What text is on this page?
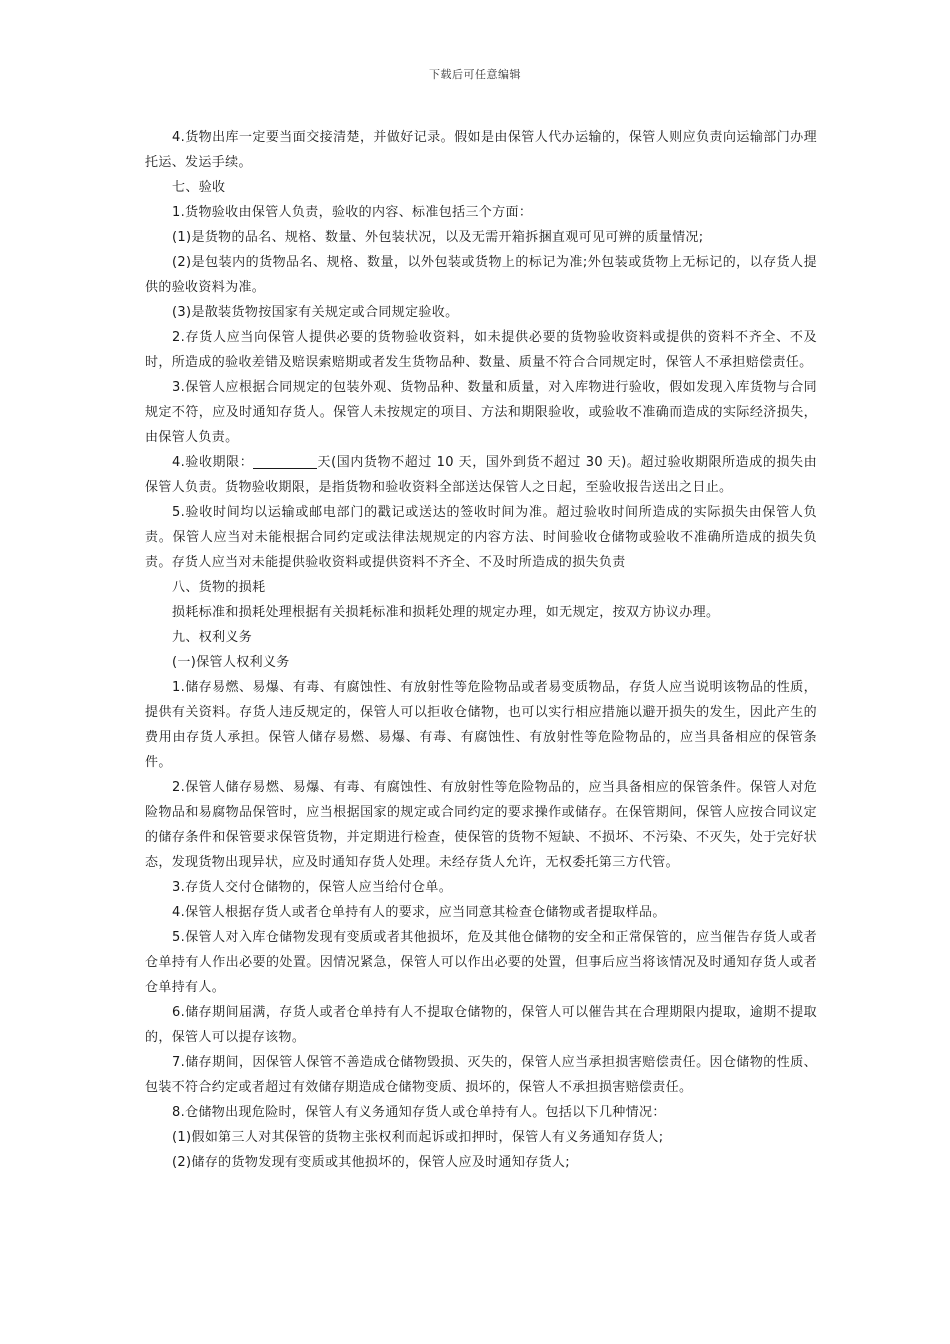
下载后可任意编辑

4.货物出库一定要当面交接清楚，并做好记录。假如是由保管人代办运输的，保管人则应负责向运输部门办理托运、发运手续。

七、验收

1.货物验收由保管人负责，验收的内容、标准包括三个方面：

(1)是货物的品名、规格、数量、外包装状况，以及无需开箱拆捆直观可见可辨的质量情况;

(2)是包装内的货物品名、规格、数量，以外包装或货物上的标记为准;外包装或货物上无标记的，以存货人提供的验收资料为准。

(3)是散装货物按国家有关规定或合同规定验收。

2.存货人应当向保管人提供必要的货物验收资料，如未提供必要的货物验收资料或提供的资料不齐全、不及时，所造成的验收差错及赔误索赔期或者发生货物品种、数量、质量不符合合同规定时，保管人不承担赔偿责任。

3.保管人应根据合同规定的包装外观、货物品种、数量和质量，对入库物进行验收，假如发现入库货物与合同规定不符，应及时通知存货人。保管人未按规定的项目、方法和期限验收，或验收不准确而造成的实际经济损失，由保管人负责。

4.验收期限：	天(国内货物不超过 10 天，国外到货不超过 30 天)。超过验收期限所造成的损失由保管人负责。货物验收期限，是指货物和验收资料全部送达保管人之日起，至验收报告送出之日止。

5.验收时间均以运输或邮电部门的戳记或送达的签收时间为准。超过验收时间所造成的实际损失由保管人负责。保管人应当对未能根据合同约定或法律法规规定的内容方法、时间验收仓储物或验收不准确所造成的损失负责。存货人应当对未能提供验收资料或提供资料不齐全、不及时所造成的损失负责

八、货物的损耗

损耗标准和损耗处理根据有关损耗标准和损耗处理的规定办理，如无规定，按双方协议办理。

九、权利义务

(一)保管人权利义务

1.储存易燃、易爆、有毒、有腐蚀性、有放射性等危险物品或者易变质物品，存货人应当说明该物品的性质，提供有关资料。存货人违反规定的，保管人可以拒收仓储物，也可以实行相应措施以避开损失的发生，因此产生的费用由存货人承担。保管人储存易燃、易爆、有毒、有腐蚀性、有放射性等危险物品的，应当具备相应的保管条件。

2.保管人储存易燃、易爆、有毒、有腐蚀性、有放射性等危险物品的，应当具备相应的保管条件。保管人对危险物品和易腐物品保管时，应当根据国家的规定或合同约定的要求操作或储存。在保管期间，保管人应按合同议定的储存条件和保管要求保管货物，并定期进行检查，使保管的货物不短缺、不损坏、不污染、不灭失，处于完好状态，发现货物出现异状，应及时通知存货人处理。未经存货人允许，无权委托第三方代管。

3.存货人交付仓储物的，保管人应当给付仓单。

4.保管人根据存货人或者仓单持有人的要求，应当同意其检查仓储物或者提取样品。

5.保管人对入库仓储物发现有变质或者其他损坏，危及其他仓储物的安全和正常保管的，应当催告存货人或者仓单持有人作出必要的处置。因情况紧急，保管人可以作出必要的处置，但事后应当将该情况及时通知存货人或者仓单持有人。

6.储存期间届满，存货人或者仓单持有人不提取仓储物的，保管人可以催告其在合理期限内提取，逾期不提取的，保管人可以提存该物。

7.储存期间，因保管人保管不善造成仓储物毁损、灭失的，保管人应当承担损害赔偿责任。因仓储物的性质、包装不符合约定或者超过有效储存期造成仓储物变质、损坏的，保管人不承担损害赔偿责任。

8.仓储物出现危险时，保管人有义务通知存货人或仓单持有人。包括以下几种情况：

(1)假如第三人对其保管的货物主张权利而起诉或扣押时，保管人有义务通知存货人;

(2)储存的货物发现有变质或其他损坏的，保管人应及时通知存货人;
